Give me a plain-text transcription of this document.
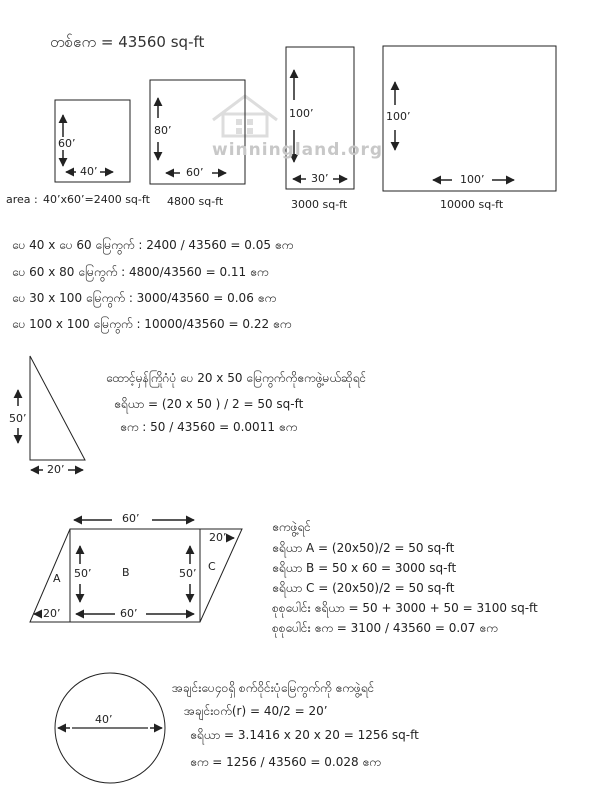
winningland.org
တစ်ဧက = 43560 sq-ft
60’
40’
80’
60’
100’
30’
100’
100’
area : 40’x60’=2400 sq-ft 4800 sq-ft	3000 sq-ft	10000 sq-ft
ပေ 40 x ပေ 60 မြေကွက် : 2400 / 43560 = 0.05 ဧက
ပေ 60 x 80 မြေကွက် : 4800/43560 = 0.11 ဧက
ပေ 30 x 100 မြေကွက် : 3000/43560 = 0.06 ဧက
ပေ 100 x 100 မြေကွက် : 10000/43560 = 0.22 ဧက
50’
20’
ထောင့်မှန်ကြိုဂံပုံ ပေ 20 x 50 မြေကွက်ကိုဧကဖွဲ့မယ်ဆိုရင်
ဧရိယာ = (20 x 50 ) / 2 = 50 sq-ft
ဧက : 50 / 43560 = 0.0011 ဧက
60’
20’
A	B	C
50’	50’
20’	60’
ဧကဖွဲ့ရင်
ဧရိယာ A = (20x50)/2 = 50 sq-ft
ဧရိယာ B = 50 x 60 = 3000 sq-ft
ဧရိယာ C = (20x50)/2 = 50 sq-ft
စုစုပေါင်း ဧရိယာ = 50 + 3000 + 50 = 3100 sq-ft
စုစုပေါင်း ဧက = 3100 / 43560 = 0.07 ဧက
40’
အချင်းပေ၄၀ရှိ စက်ဝိုင်းပုံမြေကွက်ကို ဧကဖွဲ့ရင်
အချင်းဝက်(r) = 40/2 = 20’
ဧရိယာ = 3.1416 x 20 x 20 = 1256 sq-ft
ဧက = 1256 / 43560 = 0.028 ဧက
